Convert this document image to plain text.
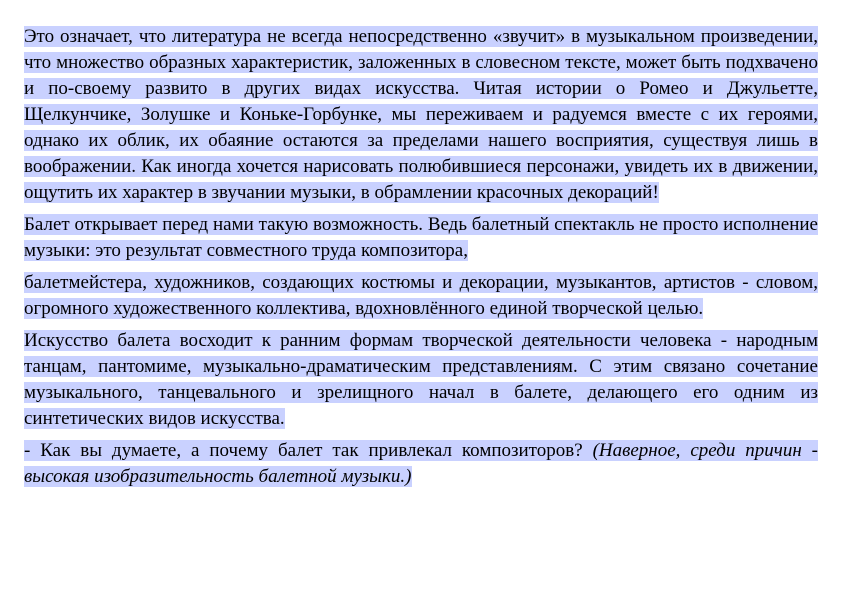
Это означает, что литература не всегда непосредственно «звучит» в музыкальном произведении, что множество образных характеристик, заложенных в словесном тексте, может быть подхвачено и по-своему развито в других видах искусства. Читая истории о Ромео и Джульетте, Щелкунчике, Золушке и Коньке-Горбунке, мы переживаем и радуемся вместе с их героями, однако их облик, их обаяние остаются за пределами нашего восприятия, существуя лишь в воображении. Как иногда хочется нарисовать полюбившиеся персонажи, увидеть их в движении, ощутить их характер в звучании музыки, в обрамлении красочных декораций!

Балет открывает перед нами такую возможность. Ведь балетный спектакль не просто исполнение музыки: это результат совместного труда композитора,

балетмейстера, художников, создающих костюмы и декорации, музыкантов, артистов - словом, огромного художественного коллектива, вдохновлённого единой творческой целью.

Искусство балета восходит к ранним формам творческой деятельности человека - народным танцам, пантомиме, музыкально-драматическим представлениям. С этим связано сочетание музыкального, танцевального и зрелищного начал в балете, делающего его одним из синтетических видов искусства.

- Как вы думаете, а почему балет так привлекал композиторов? (Наверное, среди причин - высокая изобразительность балетной музыки.)
